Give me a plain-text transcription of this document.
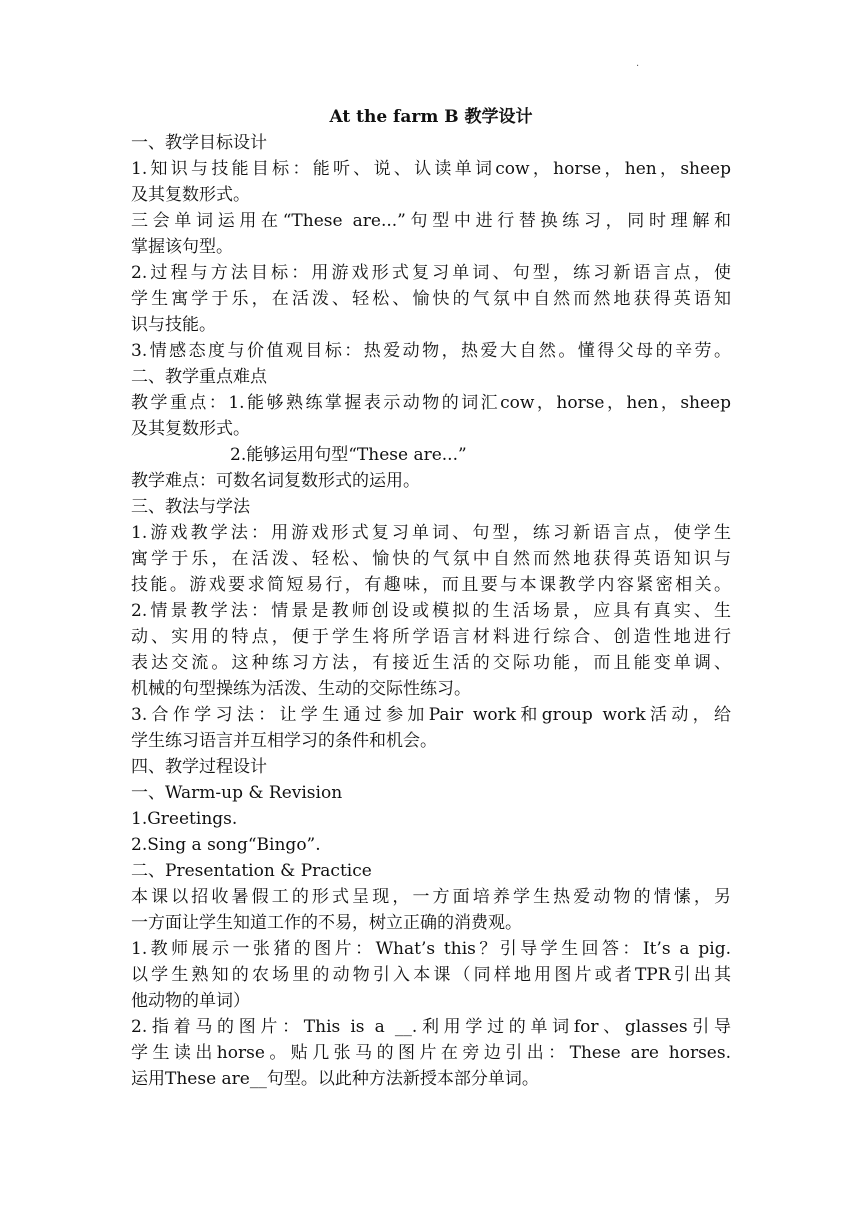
.

At the farm B 教学设计

一、教学目标设计

1.知识与技能目标：能听、说、认读单词cow，horse，hen，sheep

及其复数形式。

三会单词运用在“These are...”句型中进行替换练习，同时理解和

掌握该句型。

2.过程与方法目标：用游戏形式复习单词、句型，练习新语言点，使

学生寓学于乐，在活泼、轻松、愉快的气氛中自然而然地获得英语知

识与技能。

3.情感态度与价值观目标：热爱动物，热爱大自然。懂得父母的辛劳。

二、教学重点难点

教学重点：1.能够熟练掌握表示动物的词汇cow，horse，hen，sheep

及其复数形式。

2.能够运用句型“These are...”

教学难点：可数名词复数形式的运用。

三、教法与学法

1.游戏教学法：用游戏形式复习单词、句型，练习新语言点，使学生

寓学于乐，在活泼、轻松、愉快的气氛中自然而然地获得英语知识与

技能。游戏要求简短易行，有趣味，而且要与本课教学内容紧密相关。

2.情景教学法：情景是教师创设或模拟的生活场景，应具有真实、生

动、实用的特点，便于学生将所学语言材料进行综合、创造性地进行

表达交流。这种练习方法，有接近生活的交际功能，而且能变单调、

机械的句型操练为活泼、生动的交际性练习。

3.合作学习法：让学生通过参加Pair work和group work活动，给

学生练习语言并互相学习的条件和机会。

四、教学过程设计

一、Warm-up & Revision

1.Greetings.

2.Sing a song“Bingo”.

二、Presentation & Practice

本课以招收暑假工的形式呈现，一方面培养学生热爱动物的情愫，另

一方面让学生知道工作的不易，树立正确的消费观。

1.教师展示一张猪的图片：What’s this？引导学生回答：It’s a pig.

以学生熟知的农场里的动物引入本课（同样地用图片或者TPR引出其

他动物的单词）

2.指着马的图片：This is a __.利用学过的单词for、glasses引导

学生读出horse。贴几张马的图片在旁边引出：These are horses.

运用These are__句型。以此种方法新授本部分单词。
